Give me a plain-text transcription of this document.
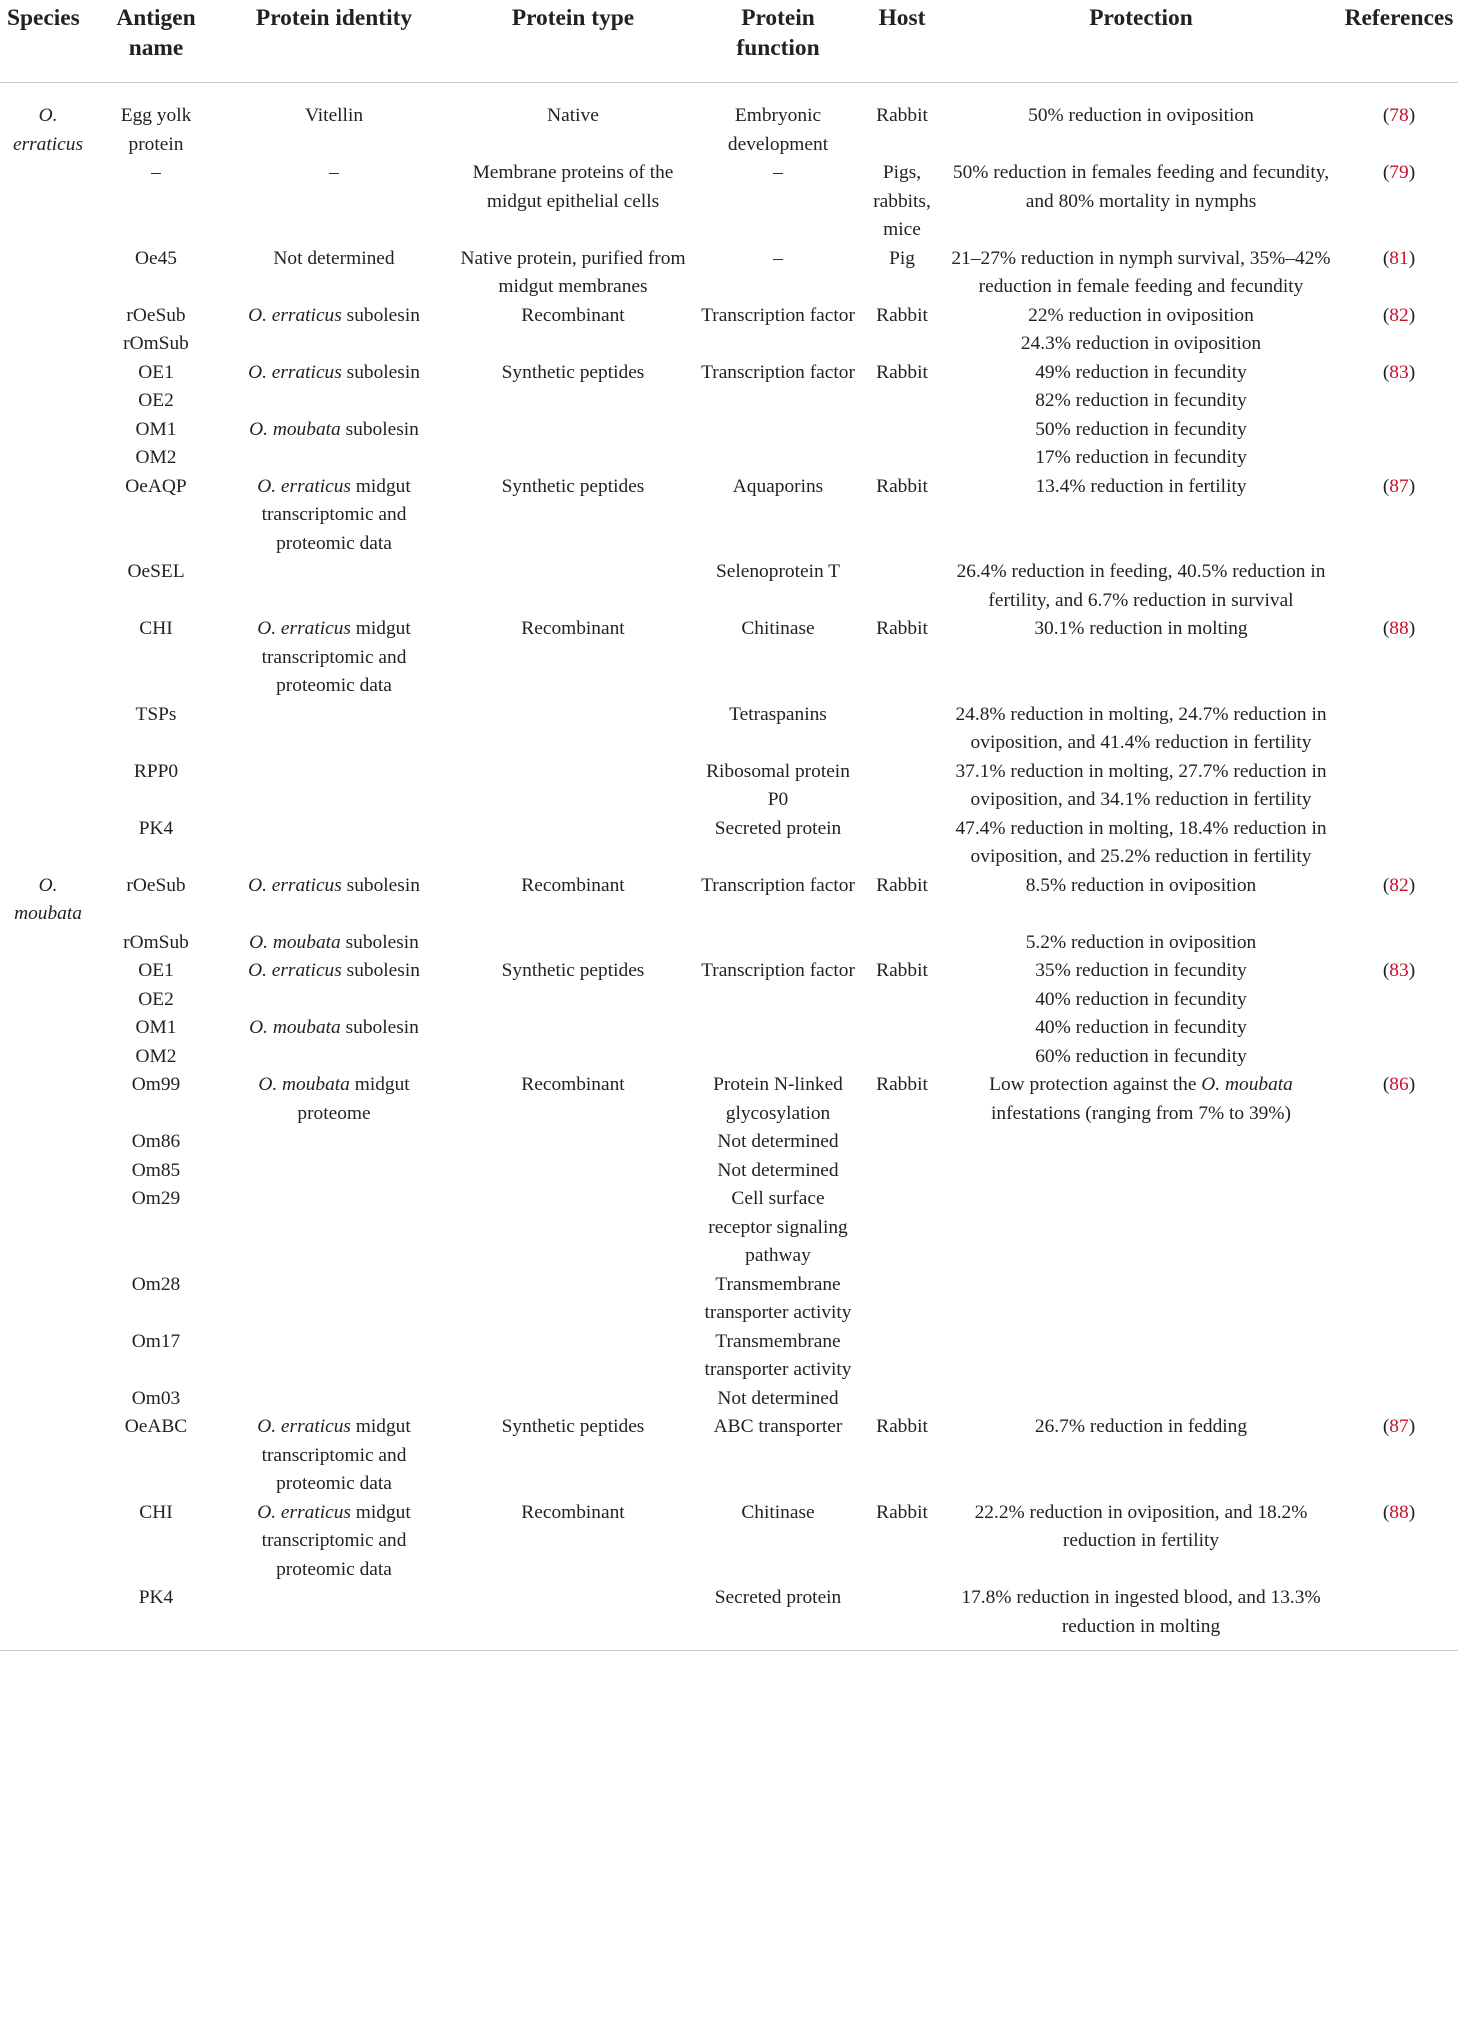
Species	Antigen name	Protein identity	Protein type	Protein function	Host	Protection	References
O. erraticus	Egg yolk protein	Vitellin	Native	Embryonic development	Rabbit	50% reduction in oviposition	(78)
	–	–	Membrane proteins of the midgut epithelial cells	–	Pigs, rabbits, mice	50% reduction in females feeding and fecundity, and 80% mortality in nymphs	(79)
	Oe45	Not determined	Native protein, purified from midgut membranes	–	Pig	21–27% reduction in nymph survival, 35%–42% reduction in female feeding and fecundity	(81)
	rOeSub	O. erraticus subolesin	Recombinant	Transcription factor	Rabbit	22% reduction in oviposition	(82)
	rOmSub					24.3% reduction in oviposition	
	OE1	O. erraticus subolesin	Synthetic peptides	Transcription factor	Rabbit	49% reduction in fecundity	(83)
	OE2					82% reduction in fecundity	
	OM1	O. moubata subolesin				50% reduction in fecundity	
	OM2					17% reduction in fecundity	
	OeAQP	O. erraticus midgut transcriptomic and proteomic data	Synthetic peptides	Aquaporins	Rabbit	13.4% reduction in fertility	(87)
	OeSEL			Selenoprotein T		26.4% reduction in feeding, 40.5% reduction in fertility, and 6.7% reduction in survival	
	CHI	O. erraticus midgut transcriptomic and proteomic data	Recombinant	Chitinase	Rabbit	30.1% reduction in molting	(88)
	TSPs			Tetraspanins		24.8% reduction in molting, 24.7% reduction in oviposition, and 41.4% reduction in fertility	
	RPP0			Ribosomal protein P0		37.1% reduction in molting, 27.7% reduction in oviposition, and 34.1% reduction in fertility	
	PK4			Secreted protein		47.4% reduction in molting, 18.4% reduction in oviposition, and 25.2% reduction in fertility	
O. moubata	rOeSub	O. erraticus subolesin	Recombinant	Transcription factor	Rabbit	8.5% reduction in oviposition	(82)
	rOmSub	O. moubata subolesin				5.2% reduction in oviposition	
	OE1	O. erraticus subolesin	Synthetic peptides	Transcription factor	Rabbit	35% reduction in fecundity	(83)
	OE2					40% reduction in fecundity	
	OM1	O. moubata subolesin				40% reduction in fecundity	
	OM2					60% reduction in fecundity	
	Om99	O. moubata midgut proteome	Recombinant	Protein N-linked glycosylation	Rabbit	Low protection against the O. moubata infestations (ranging from 7% to 39%)	(86)
	Om86			Not determined			
	Om85			Not determined			
	Om29			Cell surface receptor signaling pathway			
	Om28			Transmembrane transporter activity			
	Om17			Transmembrane transporter activity			
	Om03			Not determined			
	OeABC	O. erraticus midgut transcriptomic and proteomic data	Synthetic peptides	ABC transporter	Rabbit	26.7% reduction in fedding	(87)
	CHI	O. erraticus midgut transcriptomic and proteomic data	Recombinant	Chitinase	Rabbit	22.2% reduction in oviposition, and 18.2% reduction in fertility	(88)
	PK4			Secreted protein		17.8% reduction in ingested blood, and 13.3% reduction in molting	
